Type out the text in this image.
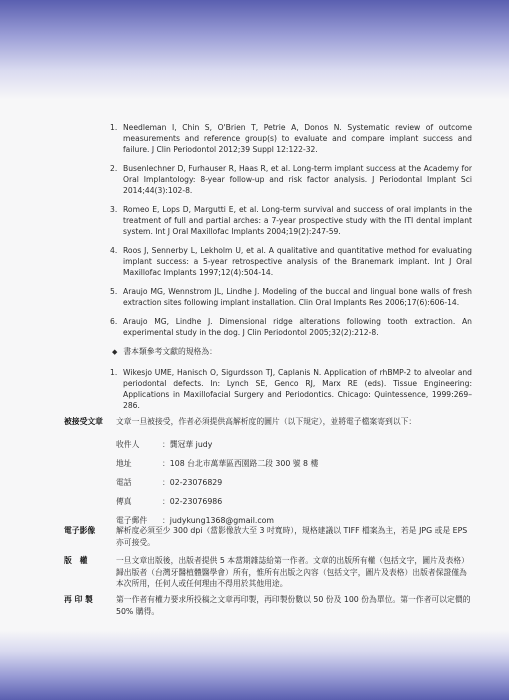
1. Needleman I, Chin S, O'Brien T, Petrie A, Donos N. Systematic review of outcome measurements and reference group(s) to evaluate and compare implant success and failure. J Clin Periodontol 2012;39 Suppl 12:122-32.
2. Busenlechner D, Furhauser R, Haas R, et al. Long-term implant success at the Academy for Oral Implantology: 8-year follow-up and risk factor analysis. J Periodontal Implant Sci 2014;44(3):102-8.
3. Romeo E, Lops D, Margutti E, et al. Long-term survival and success of oral implants in the treatment of full and partial arches: a 7-year prospective study with the ITI dental implant system. Int J Oral Maxillofac Implants 2004;19(2):247-59.
4. Roos J, Sennerby L, Lekholm U, et al. A qualitative and quantitative method for evaluating implant success: a 5-year retrospective analysis of the Branemark implant. Int J Oral Maxillofac Implants 1997;12(4):504-14.
5. Araujo MG, Wennstrom JL, Lindhe J. Modeling of the buccal and lingual bone walls of fresh extraction sites following implant installation. Clin Oral Implants Res 2006;17(6):606-14.
6. Araujo MG, Lindhe J. Dimensional ridge alterations following tooth extraction. An experimental study in the dog. J Clin Periodontol 2005;32(2):212-8.
◆ 書本類參考文獻的規格為：
1. Wikesjo UME, Hanisch O, Sigurdsson TJ, Caplanis N. Application of rhBMP-2 to alveolar and periodontal defects. In: Lynch SE, Genco RJ, Marx RE (eds). Tissue Engineering: Applications in Maxillofacial Surgery and Periodontics. Chicago: Quintessence, 1999:269–286.
被接受文章	文章一旦被接受，作者必須提供高解析度的圖片（以下規定），並將電子檔案寄到以下：
收件人	：龔冠華 judy
地址	：108 台北市萬華區西園路二段 300 號 8 樓
電話	：02-23076829
傳真	：02-23076986
電子郵件 ：judykung1368@gmail.com
電子影像	解析度必須至少 300 dpi（當影像放大至 3 吋寬時），規格建議以 TIFF 檔案為主，若是 JPG 或是 EPS 亦可接受。
版　權	一旦文章出版後，出版者提供 5 本當期雜誌給第一作者。文章的出版所有權（包括文字，圖片及表格）歸出版者（台灣牙醫植體醫學會）所有，惟所有出版之內容（包括文字，圖片及表格）出版者保證僅為本次所用，任何人或任何理由不得用於其他用途。
再 印 製	第一作者有權力要求所投稿之文章再印製，再印製份數以 50 份及 100 份為單位。第一作者可以定價的 50% 購得。
